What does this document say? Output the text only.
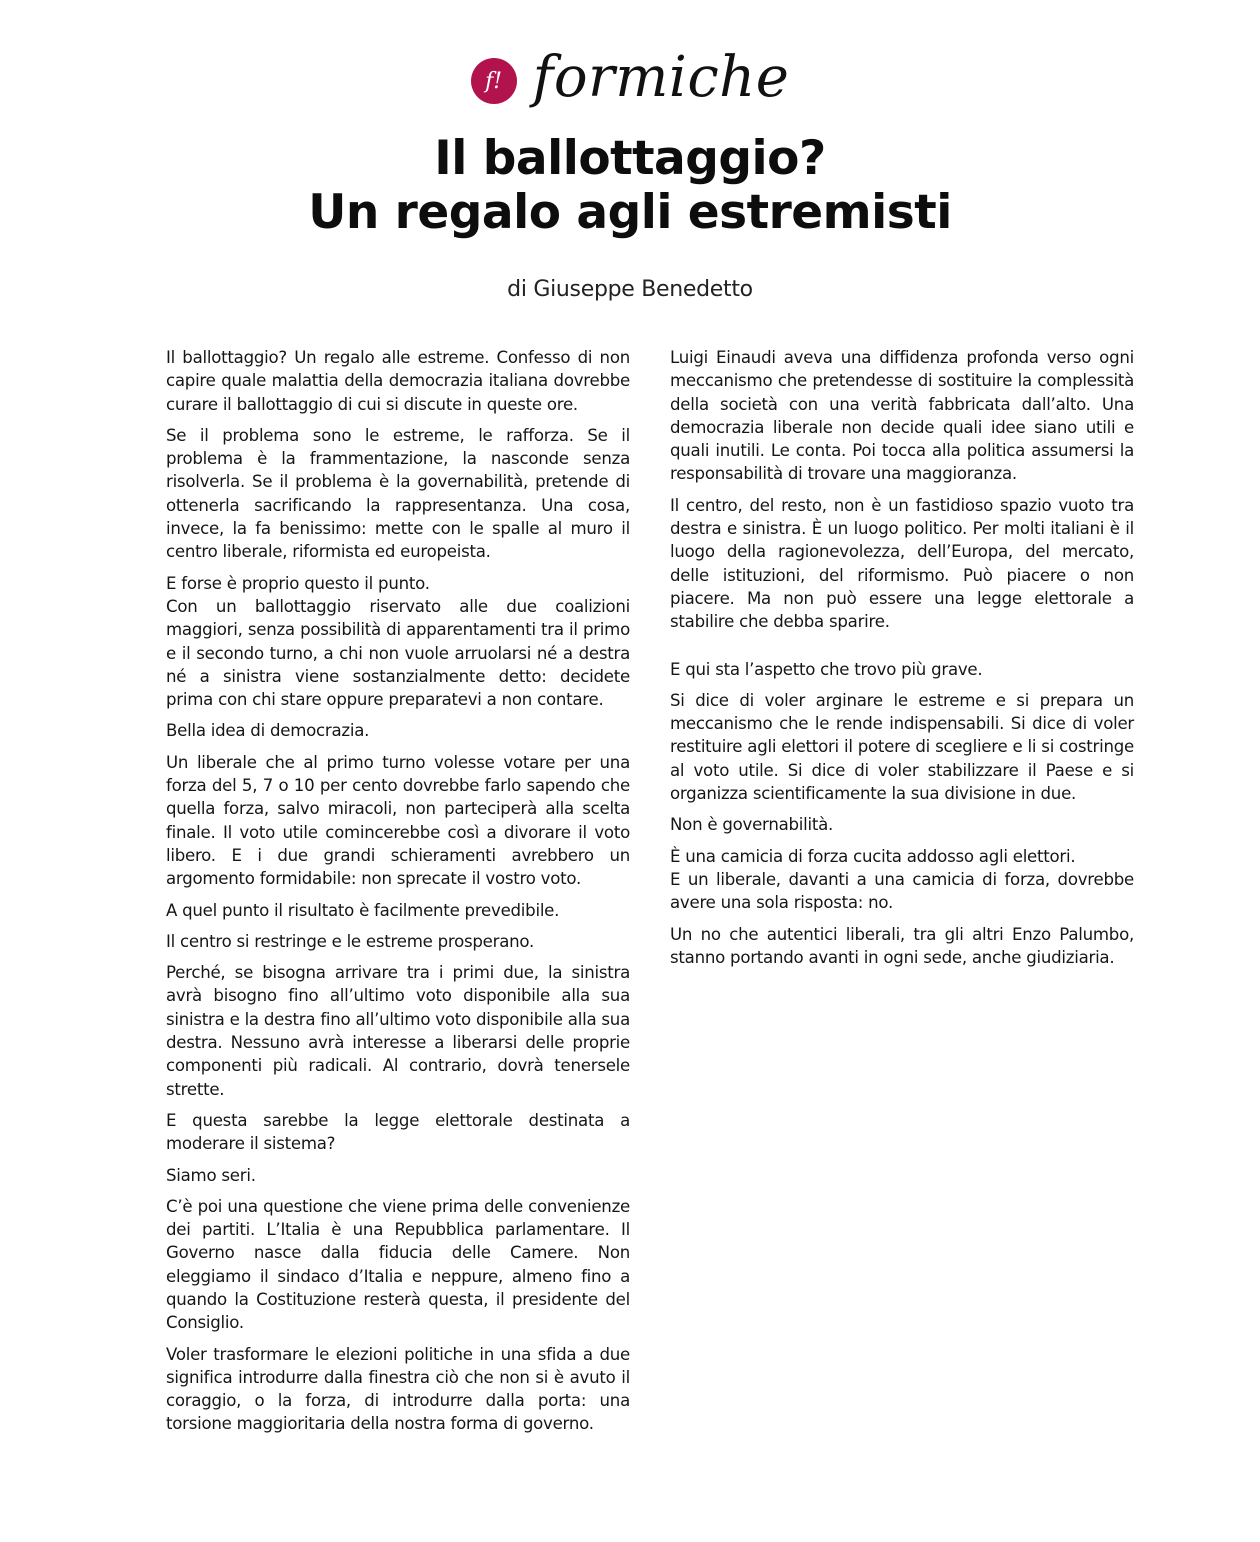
f! formiche
Il ballottaggio?
Un regalo agli estremisti
di Giuseppe Benedetto

Il ballottaggio? Un regalo alle estreme. Confesso di non capire quale malattia della democrazia italiana dovrebbe curare il ballottaggio di cui si discute in queste ore.

Se il problema sono le estreme, le rafforza. Se il problema è la frammentazione, la nasconde senza risolverla. Se il problema è la governabilità, pretende di ottenerla sacrificando la rappresentanza. Una cosa, invece, la fa benissimo: mette con le spalle al muro il centro liberale, riformista ed europeista.

E forse è proprio questo il punto.

Con un ballottaggio riservato alle due coalizioni maggiori, senza possibilità di apparentamenti tra il primo e il secondo turno, a chi non vuole arruolarsi né a destra né a sinistra viene sostanzialmente detto: decidete prima con chi stare oppure preparatevi a non contare.

Bella idea di democrazia.

Un liberale che al primo turno volesse votare per una forza del 5, 7 o 10 per cento dovrebbe farlo sapendo che quella forza, salvo miracoli, non parteciperà alla scelta finale. Il voto utile comincerebbe così a divorare il voto libero. E i due grandi schieramenti avrebbero un argomento formidabile: non sprecate il vostro voto.

A quel punto il risultato è facilmente prevedibile.

Il centro si restringe e le estreme prosperano.

Perché, se bisogna arrivare tra i primi due, la sinistra avrà bisogno fino all’ultimo voto disponibile alla sua sinistra e la destra fino all’ultimo voto disponibile alla sua destra. Nessuno avrà interesse a liberarsi delle proprie componenti più radicali. Al contrario, dovrà tenersele strette.

E questa sarebbe la legge elettorale destinata a moderare il sistema?

Siamo seri.

C’è poi una questione che viene prima delle convenienze dei partiti. L’Italia è una Repubblica parlamentare. Il Governo nasce dalla fiducia delle Camere. Non eleggiamo il sindaco d’Italia e neppure, almeno fino a quando la Costituzione resterà questa, il presidente del Consiglio.

Voler trasformare le elezioni politiche in una sfida a due significa introdurre dalla finestra ciò che non si è avuto il coraggio, o la forza, di introdurre dalla porta: una torsione maggioritaria della nostra forma di governo.

Luigi Einaudi aveva una diffidenza profonda verso ogni meccanismo che pretendesse di sostituire la complessità della società con una verità fabbricata dall’alto. Una democrazia liberale non decide quali idee siano utili e quali inutili. Le conta. Poi tocca alla politica assumersi la responsabilità di trovare una maggioranza.

Il centro, del resto, non è un fastidioso spazio vuoto tra destra e sinistra. È un luogo politico. Per molti italiani è il luogo della ragionevolezza, dell’Europa, del mercato, delle istituzioni, del riformismo. Può piacere o non piacere. Ma non può essere una legge elettorale a stabilire che debba sparire.

E qui sta l’aspetto che trovo più grave.

Si dice di voler arginare le estreme e si prepara un meccanismo che le rende indispensabili. Si dice di voler restituire agli elettori il potere di scegliere e li si costringe al voto utile. Si dice di voler stabilizzare il Paese e si organizza scientificamente la sua divisione in due.

Non è governabilità.

È una camicia di forza cucita addosso agli elettori.

E un liberale, davanti a una camicia di forza, dovrebbe avere una sola risposta: no.

Un no che autentici liberali, tra gli altri Enzo Palumbo, stanno portando avanti in ogni sede, anche giudiziaria.
